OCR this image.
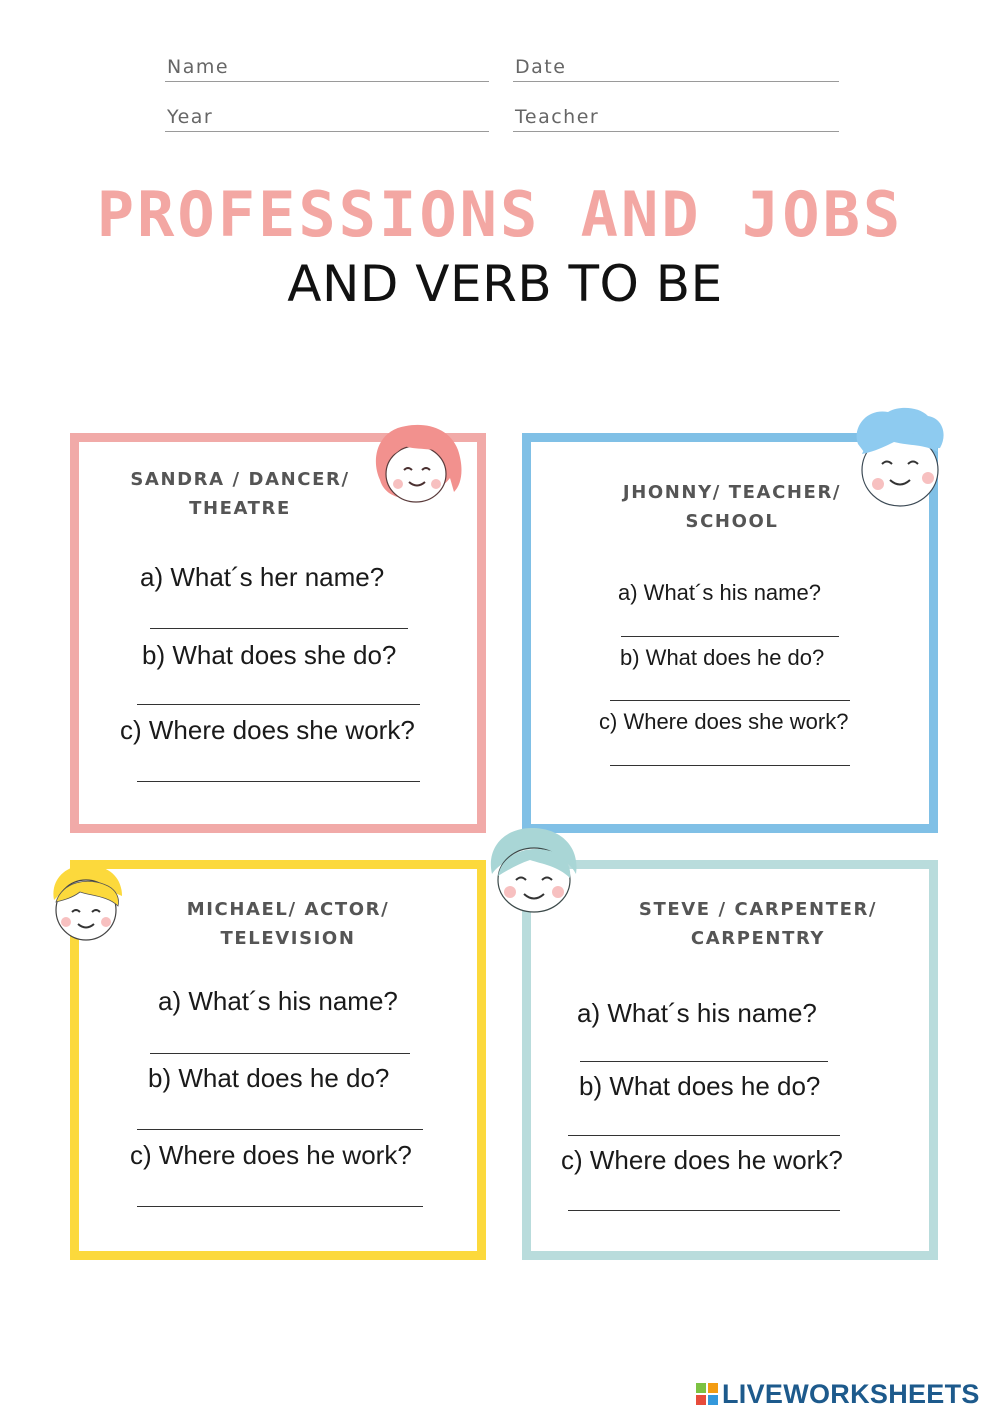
Name	Date
Year	Teacher
PROFESSIONS AND JOBS
AND VERB TO BE
SANDRA / DANCER/
THEATRE
a) What´s her name?
b) What does she do?
c) Where does she work?
JHONNY/ TEACHER/
SCHOOL
a) What´s his name?
b) What does he do?
c) Where does she work?
MICHAEL/ ACTOR/
TELEVISION
a) What´s his name?
b) What does he do?
c) Where does he work?
STEVE / CARPENTER/
CARPENTRY
a) What´s his name?
b) What does he do?
c) Where does he work?
LIVEWORKSHEETS
